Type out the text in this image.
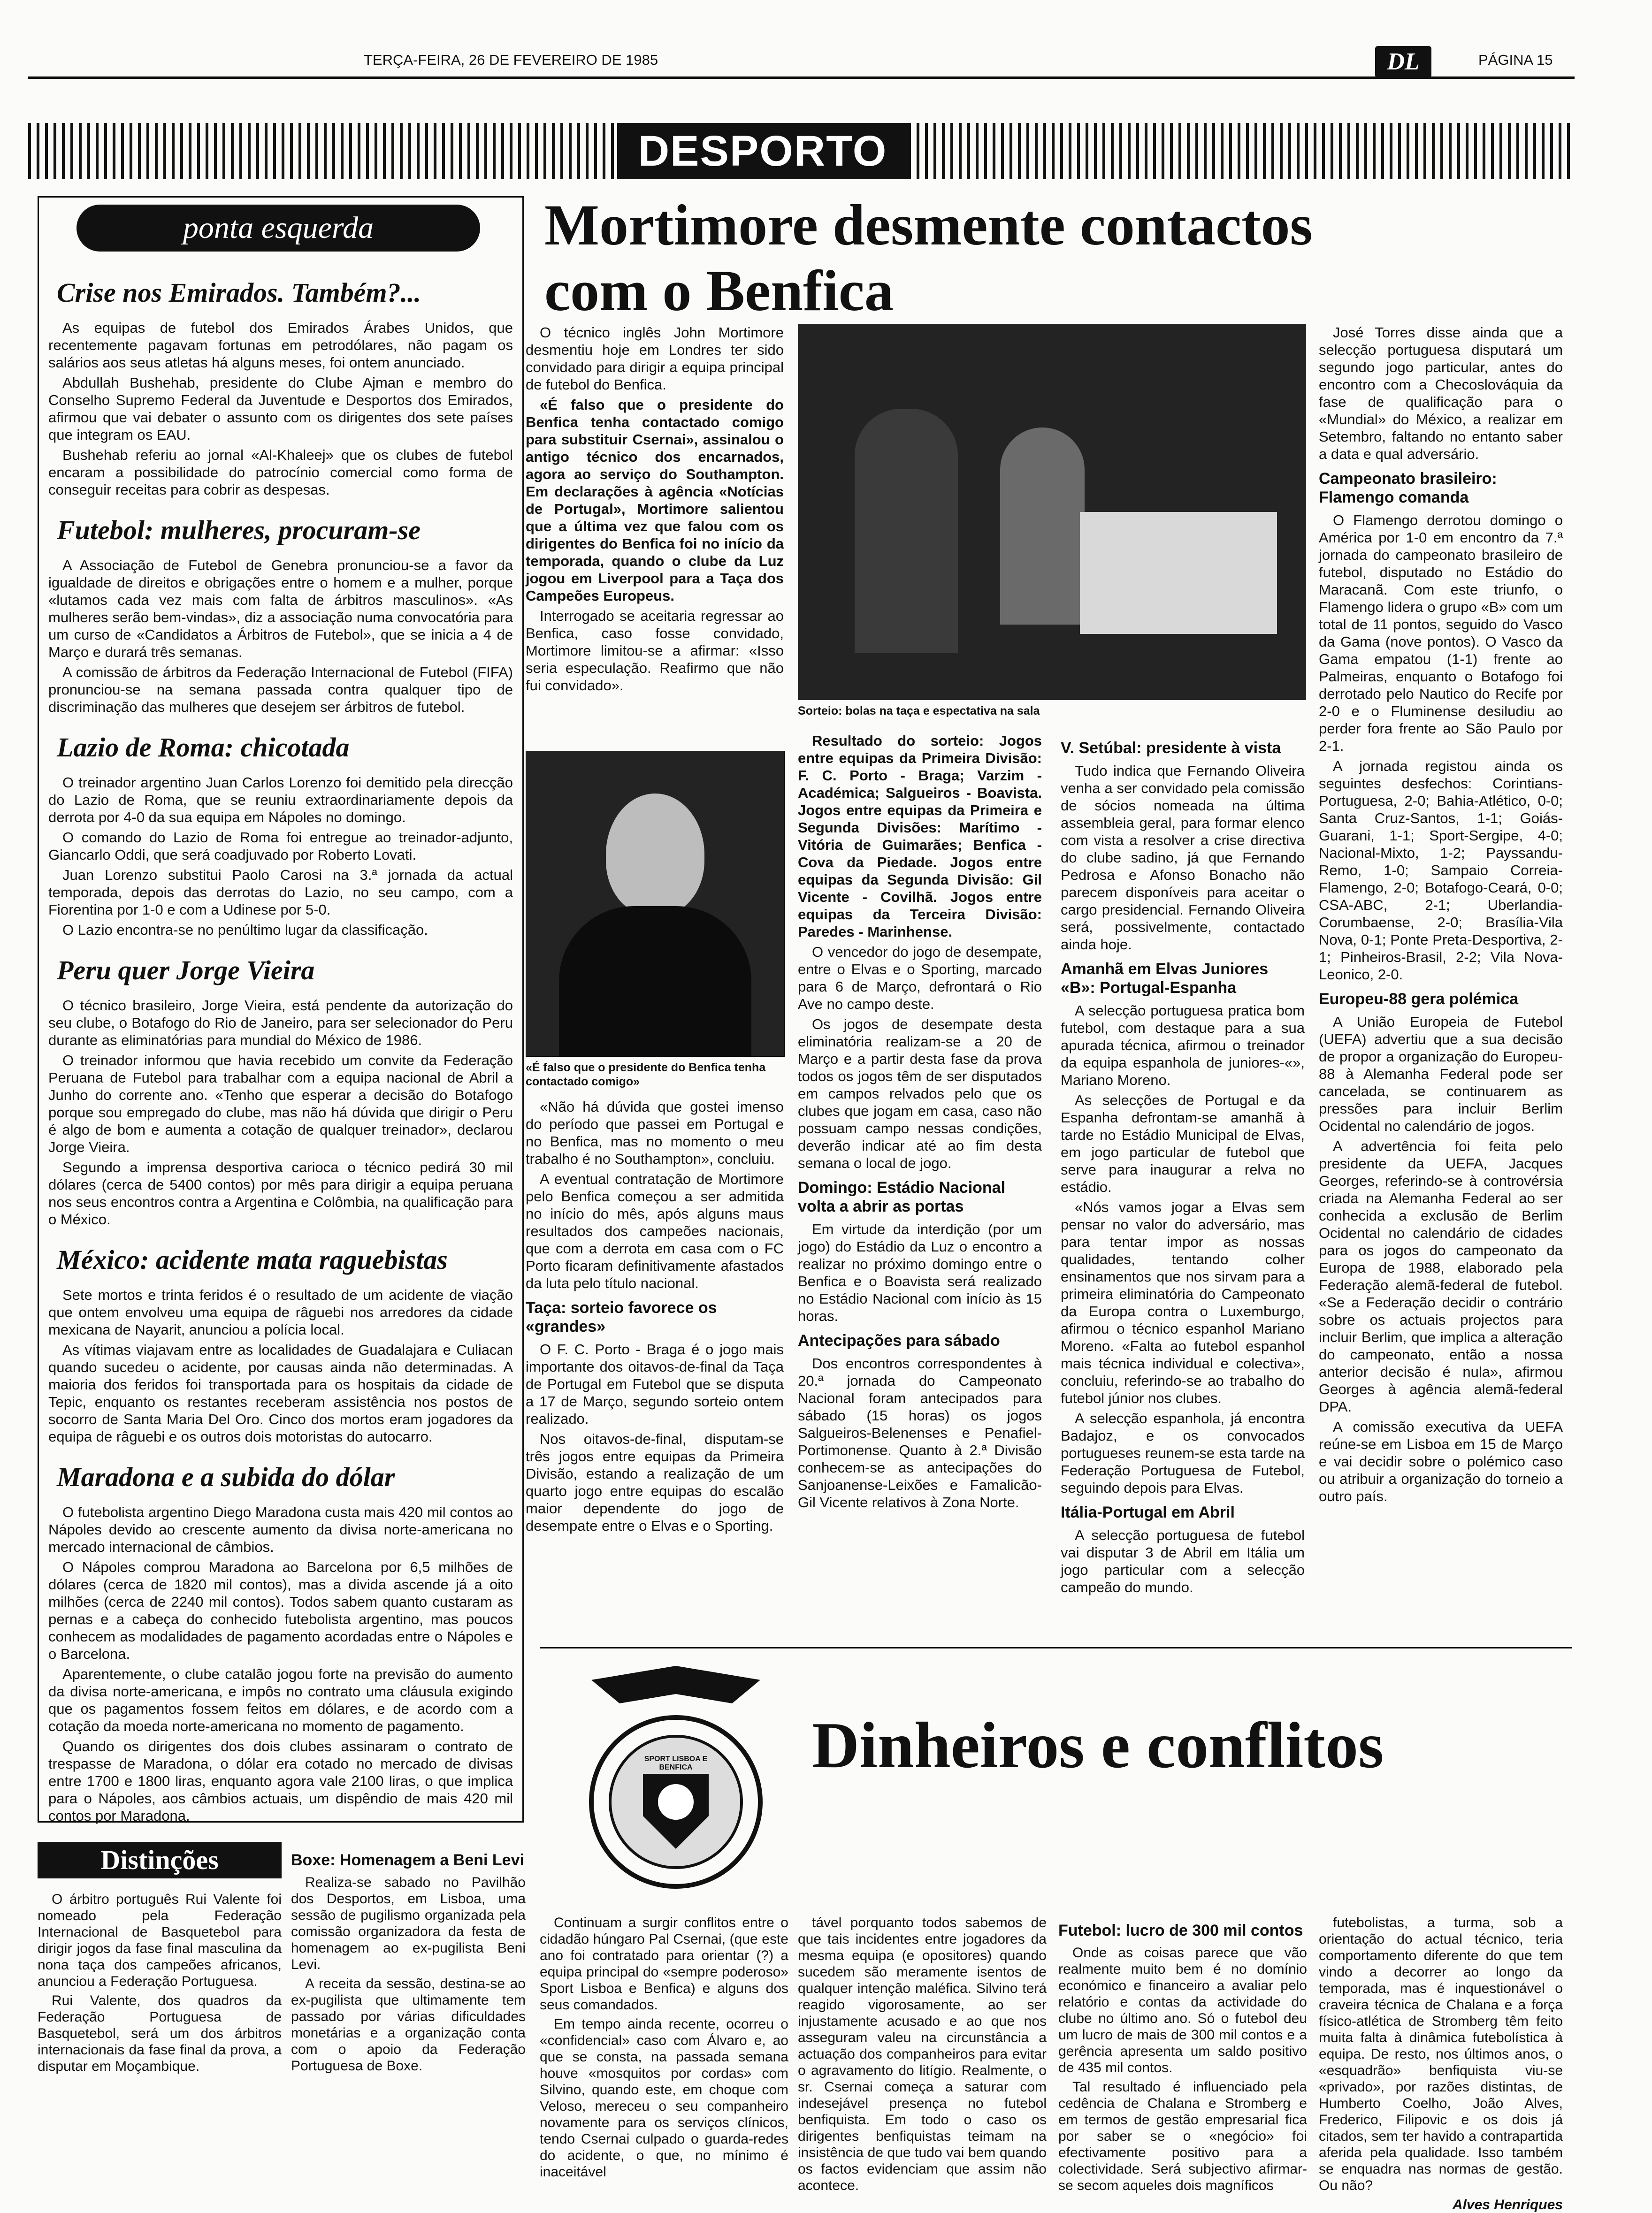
TERÇA-FEIRA, 26 DE FEVEREIRO DE 1985	DL	PÁGINA 15
DESPORTO
ponta esquerda
Crise nos Emirados. Também?...

As equipas de futebol dos Emirados Árabes Unidos, que recentemente pagavam fortunas em petrodólares, não pagam os salários aos seus atletas há alguns meses, foi ontem anunciado.

Abdullah Bushehab, presidente do Clube Ajman e membro do Conselho Supremo Federal da Juventude e Desportos dos Emirados, afirmou que vai debater o assunto com os dirigentes dos sete países que integram os EAU.

Bushehab referiu ao jornal «Al-Khaleej» que os clubes de futebol encaram a possibilidade do patrocínio comercial como forma de conseguir receitas para cobrir as despesas.

Futebol: mulheres, procuram-se

A Associação de Futebol de Genebra pronunciou-se a favor da igualdade de direitos e obrigações entre o homem e a mulher, porque «lutamos cada vez mais com falta de árbitros masculinos». «As mulheres serão bem-vindas», diz a associação numa convocatória para um curso de «Candidatos a Árbitros de Futebol», que se inicia a 4 de Março e durará três semanas.

A comissão de árbitros da Federação Internacional de Futebol (FIFA) pronunciou-se na semana passada contra qualquer tipo de discriminação das mulheres que desejem ser árbitros de futebol.

Lazio de Roma: chicotada

O treinador argentino Juan Carlos Lorenzo foi demitido pela direcção do Lazio de Roma, que se reuniu extraordinariamente depois da derrota por 4-0 da sua equipa em Nápoles no domingo.

O comando do Lazio de Roma foi entregue ao treinador-adjunto, Giancarlo Oddi, que será coadjuvado por Roberto Lovati.

Juan Lorenzo substitui Paolo Carosi na 3.ª jornada da actual temporada, depois das derrotas do Lazio, no seu campo, com a Fiorentina por 1-0 e com a Udinese por 5-0.

O Lazio encontra-se no penúltimo lugar da classificação.

Peru quer Jorge Vieira

O técnico brasileiro, Jorge Vieira, está pendente da autorização do seu clube, o Botafogo do Rio de Janeiro, para ser selecionador do Peru durante as eliminatórias para mundial do México de 1986.

O treinador informou que havia recebido um convite da Federação Peruana de Futebol para trabalhar com a equipa nacional de Abril a Junho do corrente ano. «Tenho que esperar a decisão do Botafogo porque sou empregado do clube, mas não há dúvida que dirigir o Peru é algo de bom e aumenta a cotação de qualquer treinador», declarou Jorge Vieira.

Segundo a imprensa desportiva carioca o técnico pedirá 30 mil dólares (cerca de 5400 contos) por mês para dirigir a equipa peruana nos seus encontros contra a Argentina e Colômbia, na qualificação para o México.

México: acidente mata raguebistas

Sete mortos e trinta feridos é o resultado de um acidente de viação que ontem envolveu uma equipa de râguebi nos arredores da cidade mexicana de Nayarit, anunciou a polícia local.

As vítimas viajavam entre as localidades de Guadalajara e Culiacan quando sucedeu o acidente, por causas ainda não determinadas. A maioria dos feridos foi transportada para os hospitais da cidade de Tepic, enquanto os restantes receberam assistência nos postos de socorro de Santa Maria Del Oro. Cinco dos mortos eram jogadores da equipa de râguebi e os outros dois motoristas do autocarro.

Maradona e a subida do dólar

O futebolista argentino Diego Maradona custa mais 420 mil contos ao Nápoles devido ao crescente aumento da divisa norte-americana no mercado internacional de câmbios.

O Nápoles comprou Maradona ao Barcelona por 6,5 milhões de dólares (cerca de 1820 mil contos), mas a divida ascende já a oito milhões (cerca de 2240 mil contos). Todos sabem quanto custaram as pernas e a cabeça do conhecido futebolista argentino, mas poucos conhecem as modalidades de pagamento acordadas entre o Nápoles e o Barcelona.

Aparentemente, o clube catalão jogou forte na previsão do aumento da divisa norte-americana, e impôs no contrato uma cláusula exigindo que os pagamentos fossem feitos em dólares, e de acordo com a cotação da moeda norte-americana no momento de pagamento.

Quando os dirigentes dos dois clubes assinaram o contrato de trespasse de Maradona, o dólar era cotado no mercado de divisas entre 1700 e 1800 liras, enquanto agora vale 2100 liras, o que implica para o Nápoles, aos câmbios actuais, um dispêndio de mais 420 mil contos por Maradona.

Mortimore desmente contactos com o Benfica

O técnico inglês John Mortimore desmentiu hoje em Londres ter sido convidado para dirigir a equipa principal de futebol do Benfica.

«É falso que o presidente do Benfica tenha contactado comigo para substituir Csernai», assinalou o antigo técnico dos encarnados, agora ao serviço do Southampton. Em declarações à agência «Notícias de Portugal», Mortimore salientou que a última vez que falou com os dirigentes do Benfica foi no início da temporada, quando o clube da Luz jogou em Liverpool para a Taça dos Campeões Europeus.

Interrogado se aceitaria regressar ao Benfica, caso fosse convidado, Mortimore limitou-se a afirmar: «Isso seria especulação. Reafirmo que não fui convidado».

«É falso que o presidente do Benfica tenha contactado comigo»

«Não há dúvida que gostei imenso do período que passei em Portugal e no Benfica, mas no momento o meu trabalho é no Southampton», concluiu.

A eventual contratação de Mortimore pelo Benfica começou a ser admitida no início do mês, após alguns maus resultados dos campeões nacionais, que com a derrota em casa com o FC Porto ficaram definitivamente afastados da luta pelo título nacional.

Taça: sorteio favorece os «grandes»

O F. C. Porto - Braga é o jogo mais importante dos oitavos-de-final da Taça de Portugal em Futebol que se disputa a 17 de Março, segundo sorteio ontem realizado.

Nos oitavos-de-final, disputam-se três jogos entre equipas da Primeira Divisão, estando a realização de um quarto jogo entre equipas do escalão maior dependente do jogo de desempate entre o Elvas e o Sporting.

Sorteio: bolas na taça e espectativa na sala

Resultado do sorteio: Jogos entre equipas da Primeira Divisão: F. C. Porto - Braga; Varzim - Académica; Salgueiros - Boavista. Jogos entre equipas da Primeira e Segunda Divisões: Marítimo - Vitória de Guimarães; Benfica - Cova da Piedade. Jogos entre equipas da Segunda Divisão: Gil Vicente - Covilhã. Jogos entre equipas da Terceira Divisão: Paredes - Marinhense.

O vencedor do jogo de desempate, entre o Elvas e o Sporting, marcado para 6 de Março, defrontará o Rio Ave no campo deste.

Os jogos de desempate desta eliminatória realizam-se a 20 de Março e a partir desta fase da prova todos os jogos têm de ser disputados em campos relvados pelo que os clubes que jogam em casa, caso não possuam campo nessas condições, deverão indicar até ao fim desta semana o local de jogo.

Domingo: Estádio Nacional volta a abrir as portas

Em virtude da interdição (por um jogo) do Estádio da Luz o encontro a realizar no próximo domingo entre o Benfica e o Boavista será realizado no Estádio Nacional com início às 15 horas.

Antecipações para sábado

Dos encontros correspondentes à 20.ª jornada do Campeonato Nacional foram antecipados para sábado (15 horas) os jogos Salgueiros-Belenenses e Penafiel-Portimonense. Quanto à 2.ª Divisão conhecem-se as antecipações do Sanjoanense-Leixões e Famalicão-Gil Vicente relativos à Zona Norte.

V. Setúbal: presidente à vista

Tudo indica que Fernando Oliveira venha a ser convidado pela comissão de sócios nomeada na última assembleia geral, para formar elenco com vista a resolver a crise directiva do clube sadino, já que Fernando Pedrosa e Afonso Bonacho não parecem disponíveis para aceitar o cargo presidencial. Fernando Oliveira será, possivelmente, contactado ainda hoje.

Amanhã em Elvas Juniores «B»: Portugal-Espanha

A selecção portuguesa pratica bom futebol, com destaque para a sua apurada técnica, afirmou o treinador da equipa espanhola de juniores-«», Mariano Moreno.

As selecções de Portugal e da Espanha defrontam-se amanhã à tarde no Estádio Municipal de Elvas, em jogo particular de futebol que serve para inaugurar a relva no estádio.

«Nós vamos jogar a Elvas sem pensar no valor do adversário, mas para tentar impor as nossas qualidades, tentando colher ensinamentos que nos sirvam para a primeira eliminatória do Campeonato da Europa contra o Luxemburgo, afirmou o técnico espanhol Mariano Moreno. «Falta ao futebol espanhol mais técnica individual e colectiva», concluiu, referindo-se ao trabalho do futebol júnior nos clubes.

A selecção espanhola, já encontra Badajoz, e os convocados portugueses reunem-se esta tarde na Federação Portuguesa de Futebol, seguindo depois para Elvas.

Itália-Portugal em Abril

A selecção portuguesa de futebol vai disputar 3 de Abril em Itália um jogo particular com a selecção campeão do mundo.

José Torres disse ainda que a selecção portuguesa disputará um segundo jogo particular, antes do encontro com a Checoslováquia da fase de qualificação para o «Mundial» do México, a realizar em Setembro, faltando no entanto saber a data e qual adversário.

Campeonato brasileiro: Flamengo comanda

O Flamengo derrotou domingo o América por 1-0 em encontro da 7.ª jornada do campeonato brasileiro de futebol, disputado no Estádio do Maracanã. Com este triunfo, o Flamengo lidera o grupo «B» com um total de 11 pontos, seguido do Vasco da Gama (nove pontos). O Vasco da Gama empatou (1-1) frente ao Palmeiras, enquanto o Botafogo foi derrotado pelo Nautico do Recife por 2-0 e o Fluminense desiludiu ao perder fora frente ao São Paulo por 2-1.

A jornada registou ainda os seguintes desfechos: Corintians-Portuguesa, 2-0; Bahia-Atlético, 0-0; Santa Cruz-Santos, 1-1; Goiás-Guarani, 1-1; Sport-Sergipe, 4-0; Nacional-Mixto, 1-2; Payssandu-Remo, 1-0; Sampaio Correia-Flamengo, 2-0; Botafogo-Ceará, 0-0; CSA-ABC, 2-1; Uberlandia-Corumbaense, 2-0; Brasília-Vila Nova, 0-1; Ponte Preta-Desportiva, 2-1; Pinheiros-Brasil, 2-2; Vila Nova-Leonico, 2-0.

Europeu-88 gera polémica

A União Europeia de Futebol (UEFA) advertiu que a sua decisão de propor a organização do Europeu-88 à Alemanha Federal pode ser cancelada, se continuarem as pressões para incluir Berlim Ocidental no calendário de jogos.

A advertência foi feita pelo presidente da UEFA, Jacques Georges, referindo-se à controvérsia criada na Alemanha Federal ao ser conhecida a exclusão de Berlim Ocidental no calendário de cidades para os jogos do campeonato da Europa de 1988, elaborado pela Federação alemã-federal de futebol. «Se a Federação decidir o contrário sobre os actuais projectos para incluir Berlim, que implica a alteração do campeonato, então a nossa anterior decisão é nula», afirmou Georges à agência alemã-federal DPA.

A comissão executiva da UEFA reúne-se em Lisboa em 15 de Março e vai decidir sobre o polémico caso ou atribuir a organização do torneio a outro país.

SPORT LISBOA E BENFICA	Dinheiros e conflitos

Continuam a surgir conflitos entre o cidadão húngaro Pal Csernai, (que este ano foi contratado para orientar (?) a equipa principal do «sempre poderoso» Sport Lisboa e Benfica) e alguns dos seus comandados.

Em tempo ainda recente, ocorreu o «confidencial» caso com Álvaro e, ao que se consta, na passada semana houve «mosquitos por cordas» com Silvino, quando este, em choque com Veloso, mereceu o seu companheiro novamente para os serviços clínicos, tendo Csernai culpado o guarda-redes do acidente, o que, no mínimo é inaceitável

tável porquanto todos sabemos de que tais incidentes entre jogadores da mesma equipa (e opositores) quando sucedem são meramente isentos de qualquer intenção maléfica. Silvino terá reagido vigorosamente, ao ser injustamente acusado e ao que nos asseguram valeu na circunstância a actuação dos companheiros para evitar o agravamento do litígio. Realmente, o sr. Csernai começa a saturar com indesejável presença no futebol benfiquista. Em todo o caso os dirigentes benfiquistas teimam na insistência de que tudo vai bem quando os factos evidenciam que assim não acontece.

Futebol: lucro de 300 mil contos

Onde as coisas parece que vão realmente muito bem é no domínio económico e financeiro a avaliar pelo relatório e contas da actividade do clube no último ano. Só o futebol deu um lucro de mais de 300 mil contos e a gerência apresenta um saldo positivo de 435 mil contos.

Tal resultado é influenciado pela cedência de Chalana e Stromberg e em termos de gestão empresarial fica por saber se o «negócio» foi efectivamente positivo para a colectividade. Será subjectivo afirmar-se secom aqueles dois magníficos

futebolistas, a turma, sob a orientação do actual técnico, teria comportamento diferente do que tem vindo a decorrer ao longo da temporada, mas é inquestionável o craveira técnica de Chalana e a força físico-atlética de Stromberg têm feito muita falta à dinâmica futebolística à equipa. De resto, nos últimos anos, o «esquadrão» benfiquista viu-se «privado», por razões distintas, de Humberto Coelho, João Alves, Frederico, Filipovic e os dois já citados, sem ter havido a contrapartida aferida pela qualidade. Isso também se enquadra nas normas de gestão. Ou não?

Alves Henriques
Distinções

O árbitro português Rui Valente foi nomeado pela Federação Internacional de Basquetebol para dirigir jogos da fase final masculina da nona taça dos campeões africanos, anunciou a Federação Portuguesa.

Rui Valente, dos quadros da Federação Portuguesa de Basquetebol, será um dos árbitros internacionais da fase final da prova, a disputar em Moçambique.

Boxe: Homenagem a Beni Levi

Realiza-se sabado no Pavilhão dos Desportos, em Lisboa, uma sessão de pugilismo organizada pela comissão organizadora da festa de homenagem ao ex-pugilista Beni Levi.

A receita da sessão, destina-se ao ex-pugilista que ultimamente tem passado por várias dificuldades monetárias e a organização conta com o apoio da Federação Portuguesa de Boxe.
